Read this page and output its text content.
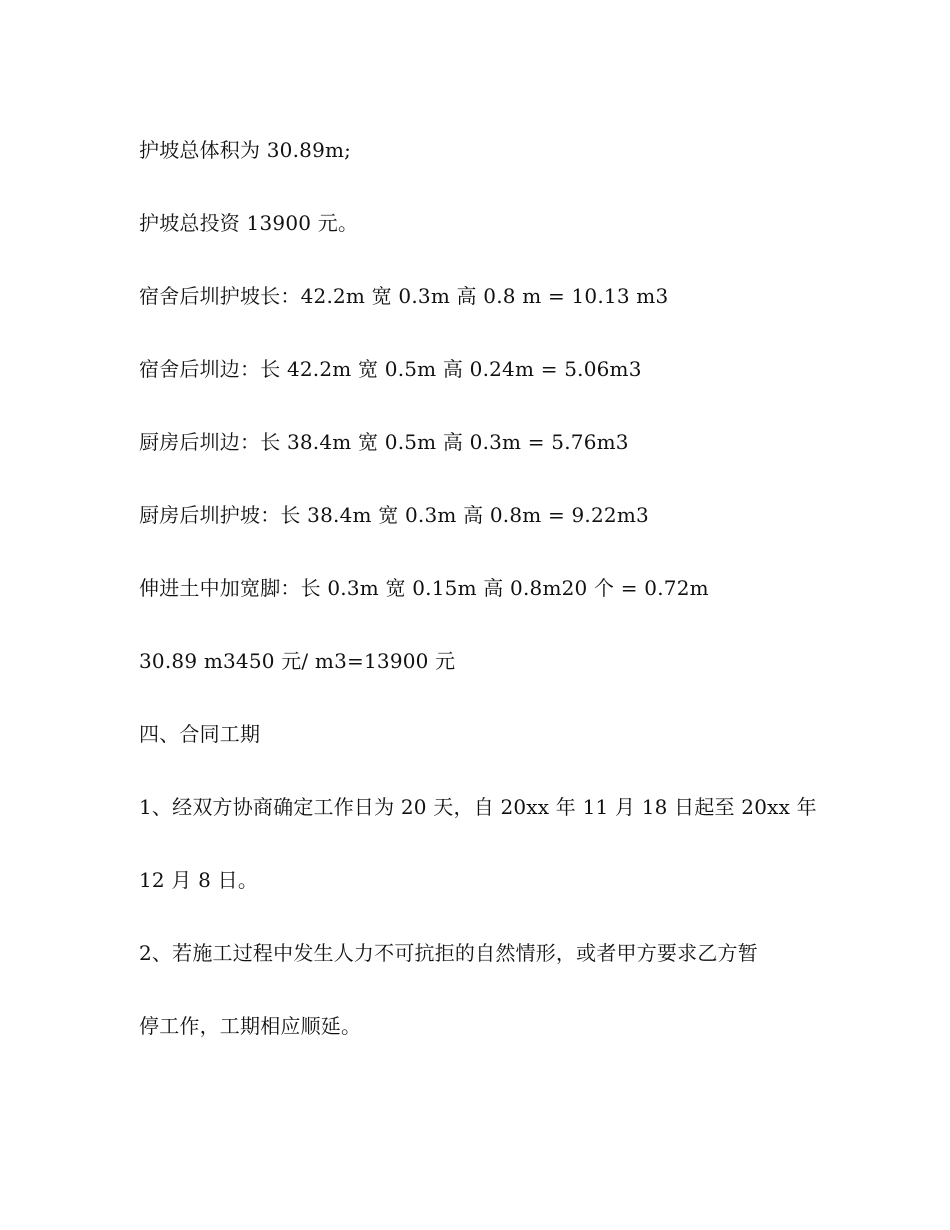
护坡总体积为 30.89m;
护坡总投资 13900 元。
宿舍后圳护坡长：42.2m 宽 0.3m 高 0.8 m = 10.13 m3
宿舍后圳边：长 42.2m 宽 0.5m 高 0.24m = 5.06m3
厨房后圳边：长 38.4m 宽 0.5m 高 0.3m = 5.76m3
厨房后圳护坡：长 38.4m 宽 0.3m 高 0.8m = 9.22m3
伸进土中加宽脚：长 0.3m 宽 0.15m 高 0.8m20 个 = 0.72m
30.89 m3450 元/ m3=13900 元
四、合同工期
1、经双方协商确定工作日为 20 天，自 20xx 年 11 月 18 日起至 20xx 年
12 月 8 日。
2、若施工过程中发生人力不可抗拒的自然情形，或者甲方要求乙方暂
停工作，工期相应顺延。
